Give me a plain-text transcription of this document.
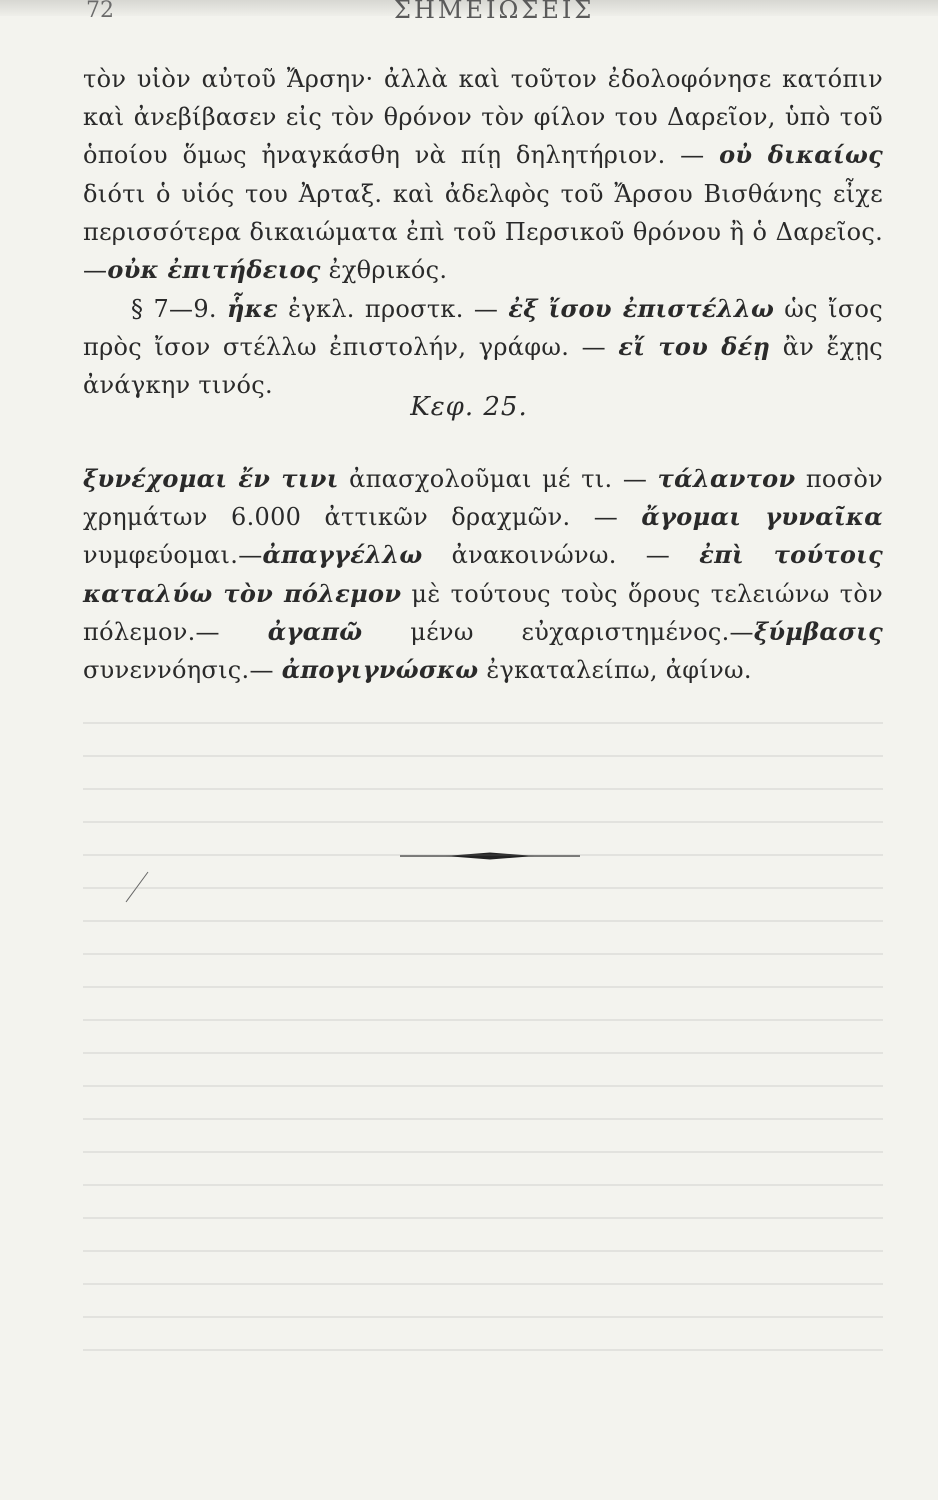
72	ΣΗΜΕΙΩΣΕΙΣ

τὸν υἱὸν αὐτοῦ Ἄρσην· ἀλλὰ καὶ τοῦτον ἐδολοφόνησε κατόπιν καὶ ἀνεβίβασεν εἰς τὸν θρόνον τὸν φίλον του Δαρεῖον, ὑπὸ τοῦ ὁποίου ὅμως ἠναγκάσθη νὰ πίῃ δηλητήριον. — οὐ δικαίως διότι ὁ υἱός του Ἀρταξ. καὶ ἀδελφὸς τοῦ Ἄρσου Βισθάνης εἶχε περισσότερα δικαιώματα ἐπὶ τοῦ Περσικοῦ θρόνου ἢ ὁ Δαρεῖος. —οὐκ ἐπιτήδειος ἐχθρικός.

§ 7—9. ἧκε ἐγκλ. προστκ. — ἐξ ἴσου ἐπιστέλλω ὡς ἴσος πρὸς ἴσον στέλλω ἐπιστολήν, γράφω. — εἴ του δέῃ ἂν ἔχῃς ἀνάγκην τινός.

Κεφ. 25.

ξυνέχομαι ἔν τινι ἀπασχολοῦμαι μέ τι. — τάλαντον ποσὸν χρημάτων 6.000 ἀττικῶν δραχμῶν. — ἄγομαι γυναῖκα νυμφεύομαι.—ἀπαγγέλλω ἀνακοινώνω. — ἐπὶ τούτοις καταλύω τὸν πόλεμον μὲ τούτους τοὺς ὅρους τελειώνω τὸν πόλεμον.— ἀγαπῶ μένω εὐχαριστημένος.—ξύμβασις συνεννόησις.— ἀπογιγνώσκω ἐγκαταλείπω, ἀφίνω.
